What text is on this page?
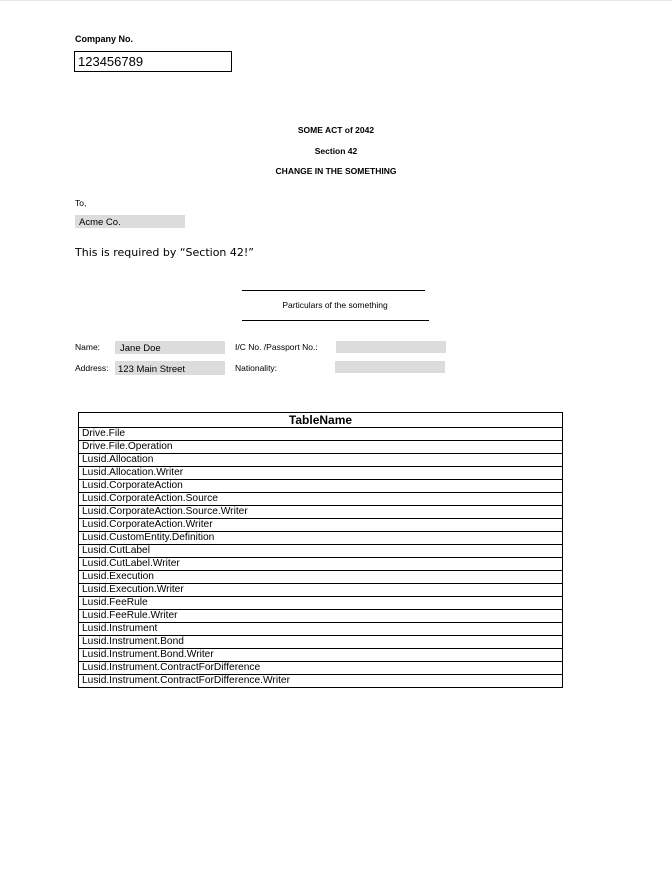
Company No.
123456789
SOME ACT of 2042
Section 42
CHANGE IN THE SOMETHING
To,
Acme Co.
This is required by “Section 42!”
Particulars of the something
Name:	Jane Doe	I/C No. /Passport No.:
Address: 123 Main Street	Nationality:
TableName
Drive.File
Drive.File.Operation
Lusid.Allocation
Lusid.Allocation.Writer
Lusid.CorporateAction
Lusid.CorporateAction.Source
Lusid.CorporateAction.Source.Writer
Lusid.CorporateAction.Writer
Lusid.CustomEntity.Definition
Lusid.CutLabel
Lusid.CutLabel.Writer
Lusid.Execution
Lusid.Execution.Writer
Lusid.FeeRule
Lusid.FeeRule.Writer
Lusid.Instrument
Lusid.Instrument.Bond
Lusid.Instrument.Bond.Writer
Lusid.Instrument.ContractForDifference
Lusid.Instrument.ContractForDifference.Writer
